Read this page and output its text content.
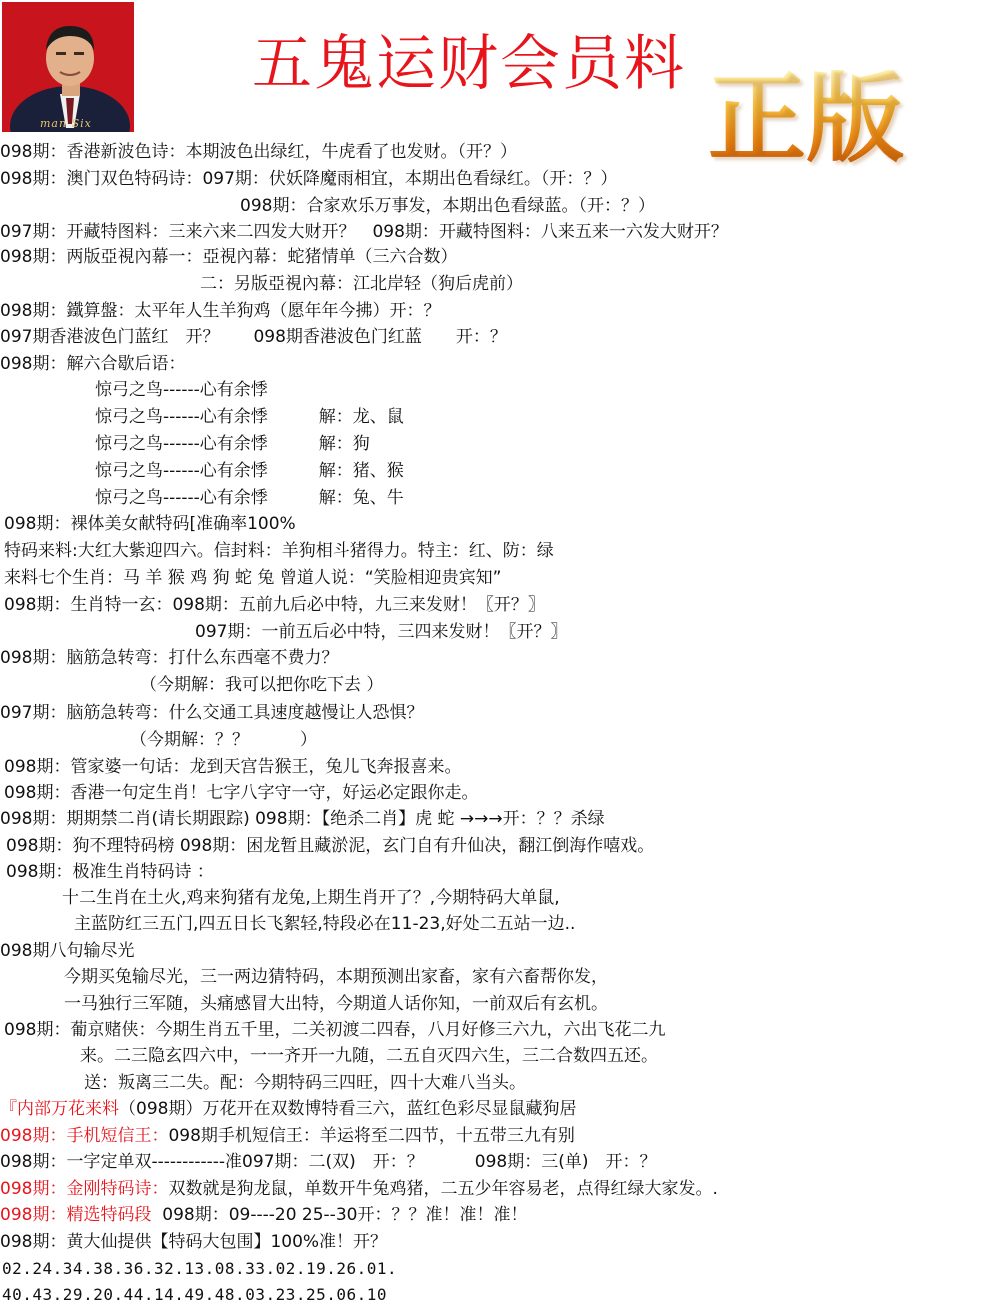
man Six
五鬼运财会员料 正版
098期：香港新波色诗：本期波色出绿红，牛虎看了也发财。（开？）
098期：澳门双色特码诗：097期：伏妖降魔雨相宜，本期出色看绿红。（开：？）
098期：合家欢乐万事发，本期出色看绿蓝。（开：？）
097期：开藏特图料：三来六来二四发大财开？　098期：开藏特图料：八来五来一六发大财开？
098期：两版亞視內幕一：亞視內幕：蛇猪情单（三六合数）
二：另版亞視內幕：江北岸轻（狗后虎前）
098期：鐵算盤：太平年人生羊狗鸡（愿年年今拂）开：？
097期香港波色门蓝红　开？　　098期香港波色门红蓝　　开：？
098期：解六合歇后语：
惊弓之鸟------心有余悸
惊弓之鸟------心有余悸　　　解：龙、鼠
惊弓之鸟------心有余悸　　　解：狗
惊弓之鸟------心有余悸　　　解：猪、猴
惊弓之鸟------心有余悸　　　解：兔、牛
098期：裸体美女献特码[准确率100%
特码来料:大红大紫迎四六。信封料：羊狗相斗猪得力。特主：红、防：绿
来料七个生肖：马 羊 猴 鸡 狗 蛇 兔 曾道人说：“笑脸相迎贵宾知”
098期：生肖特一玄：098期：五前九后必中特，九三来发财！〖开？〗
097期：一前五后必中特，三四来发财！〖开？〗
098期：脑筋急转弯：打什么东西毫不费力？
（今期解：我可以把你吃下去 ）
097期：脑筋急转弯：什么交通工具速度越慢让人恐惧？
（今期解：？？　　　）
098期：管家婆一句话：龙到天宫告猴王，兔儿飞奔报喜来。
098期：香港一句定生肖！七字八字守一守，好运必定跟你走。
098期：期期禁二肖(请长期跟踪) 098期：【绝杀二肖】虎 蛇 →→→开：？？杀绿
098期：狗不理特码榜 098期：困龙暂且藏淤泥，玄门自有升仙决，翻江倒海作嘻戏。
098期：极准生肖特码诗 ：
十二生肖在土火,鸡来狗猪有龙兔,上期生肖开了？,今期特码大单鼠,
主蓝防红三五门,四五日长飞絮轻,特段必在11-23,好处二五站一边..
098期八句输尽光
今期买兔输尽光，三一两边猜特码，本期预测出家畜，家有六畜帮你发，
一马独行三军随，头痛感冒大出特，今期道人话你知，一前双后有玄机。
098期：葡京赌侠：今期生肖五千里，二关初渡二四春，八月好修三六九，六出飞花二九
来。二三隐玄四六中，一一齐开一九随，二五自灭四六生，三二合数四五还。
送：叛离三二失。配：今期特码三四旺，四十大难八当头。
『内部万花来料（098期）万花开在双数博特看三六，蓝红色彩尽显鼠藏狗居
098期：手机短信王：098期手机短信王：羊运将至二四节，十五带三九有别
098期：一字定单双------------准097期：二(双)　开：？　　　098期：三(单)　开：？
098期：金刚特码诗：双数就是狗龙鼠，单数开牛兔鸡猪，二五少年容易老，点得红绿大家发。.
098期：精选特码段 098期：09----20 25--30开：？？准！准！准！
098期：黄大仙提供【特码大包围】100%准！开？
02.24.34.38.36.32.13.08.33.02.19.26.01.
40.43.29.20.44.14.49.48.03.23.25.06.10
